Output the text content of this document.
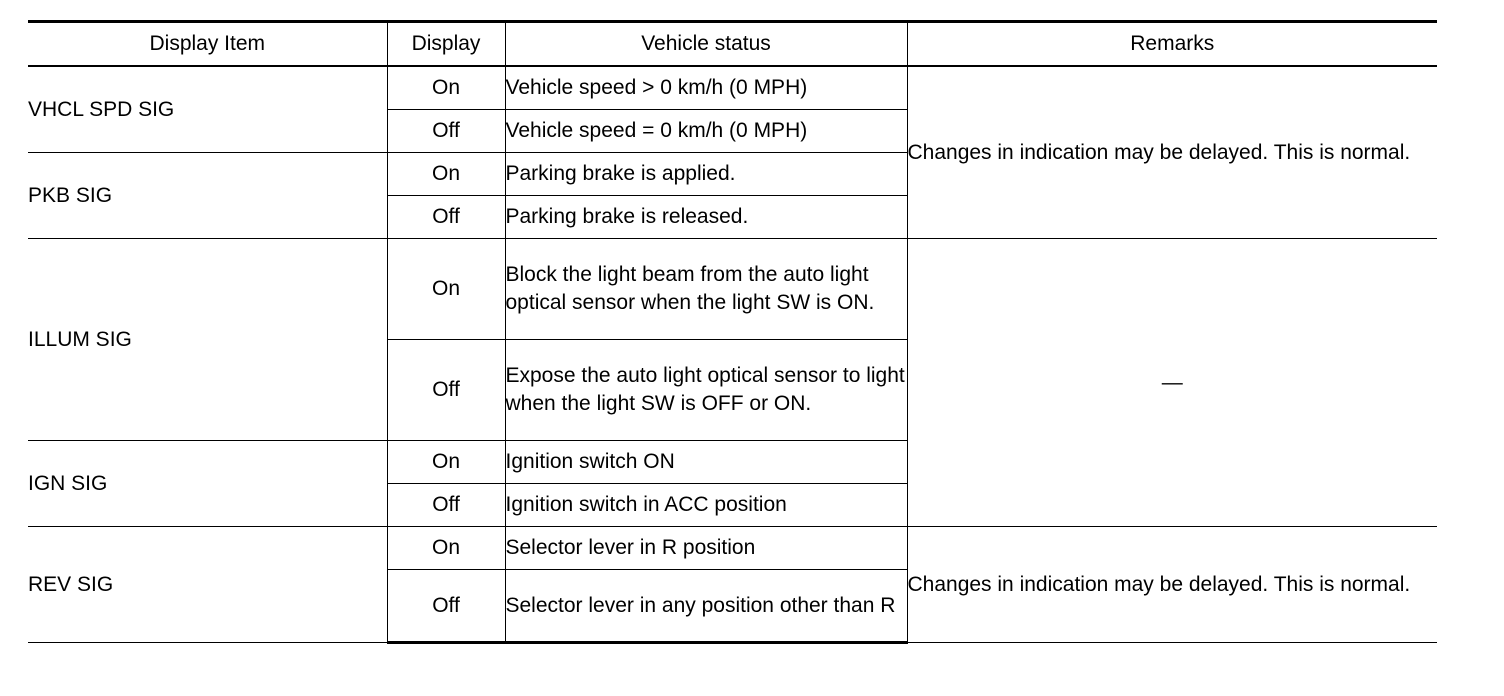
Display Item	Display	Vehicle status	Remarks
VHCL SPD SIG	On	Vehicle speed > 0 km/h (0 MPH)	Changes in indication may be delayed. This is normal.
	Off	Vehicle speed = 0 km/h (0 MPH)	
PKB SIG	On	Parking brake is applied.	
	Off	Parking brake is released.	
ILLUM SIG	On	Block the light beam from the auto light optical sensor when the light SW is ON.	—
	Off	Expose the auto light optical sensor to light when the light SW is OFF or ON.	
IGN SIG	On	Ignition switch ON	
	Off	Ignition switch in ACC position	
REV SIG	On	Selector lever in R position	Changes in indication may be delayed. This is normal.
	Off	Selector lever in any position other than R	
